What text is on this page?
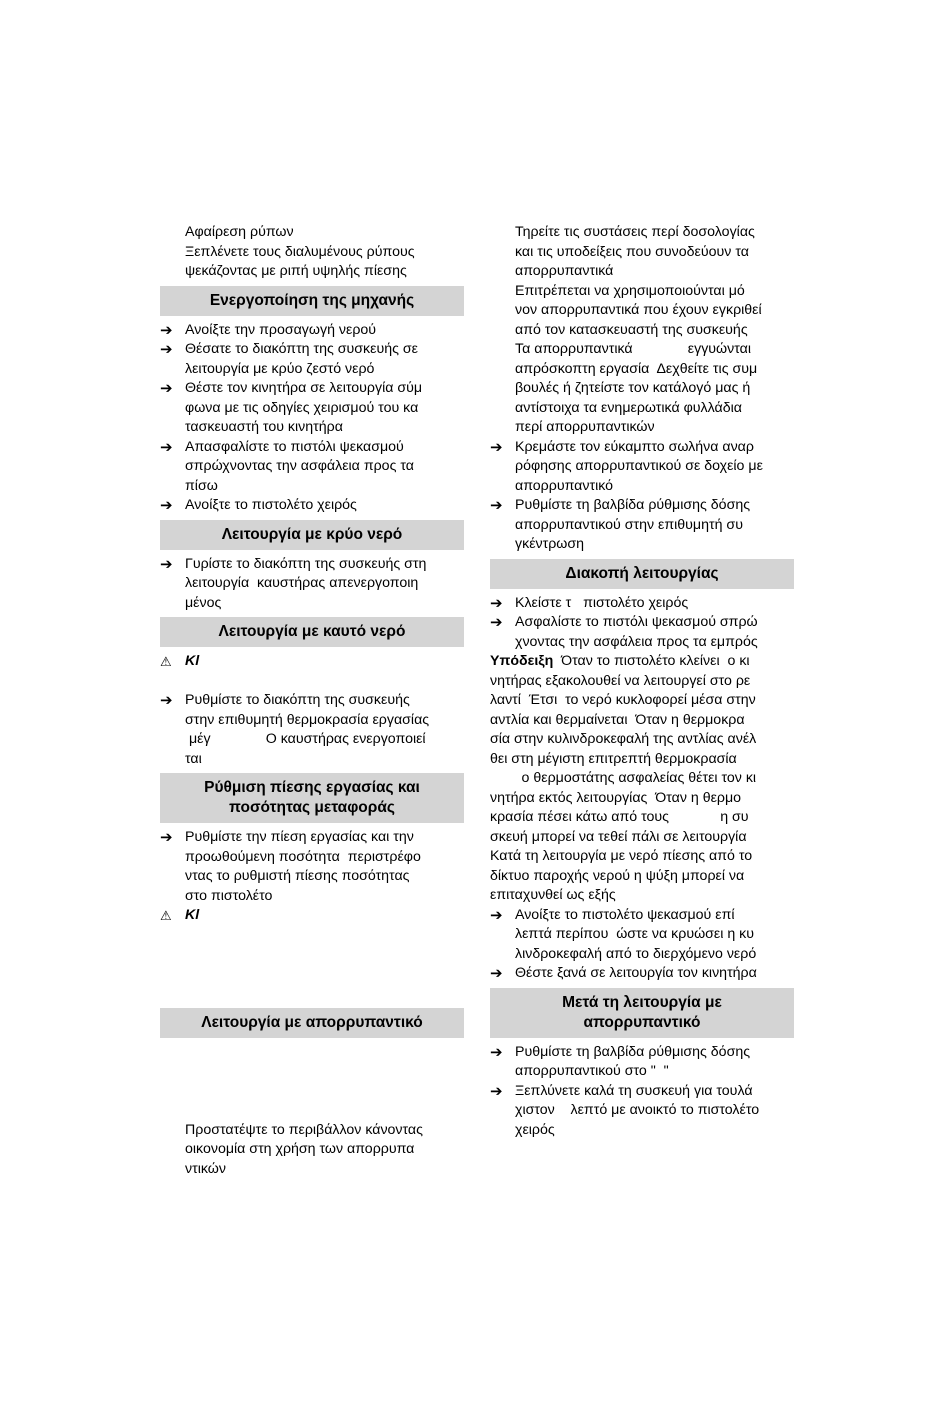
Αφαίρεση ρύπων
Ξεπλένετε τους διαλυμένους ρύπους
ψεκάζοντας με ριπή υψηλής πίεσης
Ενεργοποίηση της μηχανής
➔ Ανοίξτε την προσαγωγή νερού
➔ Θέσατε το διακόπτη της συσκευής σε
λειτουργία με κρύο ζεστό νερό
➔ Θέστε τον κινητήρα σε λειτουργία σύμ
φωνα με τις οδηγίες χειρισμού του κα
τασκευαστή του κινητήρα
➔ Απασφαλίστε το πιστόλι ψεκασμού
σπρώχνοντας την ασφάλεια προς τα
πίσω
➔ Ανοίξτε το πιστολέτο χειρός
Λειτουργία με κρύο νερό
➔ Γυρίστε το διακόπτη της συσκευής στη
λειτουργία  καυστήρας απενεργοποιη
μένος
Λειτουργία με καυτό νερό
⚠ Κl
➔ Ρυθμίστε το διακόπτη της συσκευής
στην επιθυμητή θερμοκρασία εργασίας
μέγ              Ο καυστήρας ενεργοποιεί
ται
Ρύθμιση πίεσης εργασίας και
ποσότητας μεταφοράς
➔ Ρυθμίστε την πίεση εργασίας και την
προωθούμενη ποσότητα  περιστρέφο
ντας το ρυθμιστή πίεσης ποσότητας
στο πιστολέτο
⚠ Κl
Λειτουργία με απορρυπαντικό
Προστατέψτε το περιβάλλον κάνοντας
οικονομία στη χρήση των απορρυπα
ντικών
Τηρείτε τις συστάσεις περί δοσολογίας
και τις υποδείξεις που συνοδεύουν τα
απορρυπαντικά
Επιτρέπεται να χρησιμοποιούνται μό
νον απορρυπαντικά που έχουν εγκριθεί
από τον κατασκευαστή της συσκευής
Τα απορρυπαντικά              εγγυώνται
απρόσκοπτη εργασία  Δεχθείτε τις συμ
βουλές ή ζητείστε τον κατάλογό μας ή
αντίστοιχα τα ενημερωτικά φυλλάδια
περί απορρυπαντικών
➔ Κρεμάστε τον εύκαμπτο σωλήνα αναρ
ρόφησης απορρυπαντικού σε δοχείο με
απορρυπαντικό
➔ Ρυθμίστε τη βαλβίδα ρύθμισης δόσης
απορρυπαντικού στην επιθυμητή συ
γκέντρωση
Διακοπή λειτουργίας
➔ Κλείστε τ   πιστολέτο χειρός
➔ Ασφαλίστε το πιστόλι ψεκασμού σπρώ
χνοντας την ασφάλεια προς τα εμπρός
Υπόδειξη  Όταν το πιστολέτο κλείνει  ο κι
νητήρας εξακολουθεί να λειτουργεί στο ρε
λαντί  Έτσι  το νερό κυκλοφορεί μέσα στην
αντλία και θερμαίνεται  Όταν η θερμοκρα
σία στην κυλινδροκεφαλή της αντλίας ανέλ
θει στη μέγιστη επιτρεπτή θερμοκρασία
ο θερμοστάτης ασφαλείας θέτει τον κι
νητήρα εκτός λειτουργίας  Όταν η θερμο
κρασία πέσει κάτω από τους             η συ
σκευή μπορεί να τεθεί πάλι σε λειτουργία
Κατά τη λειτουργία με νερό πίεσης από το
δίκτυο παροχής νερού η ψύξη μπορεί να
επιταχυνθεί ως εξής
➔ Ανοίξτε το πιστολέτο ψεκασμού επί
λεπτά περίπου  ώστε να κρυώσει η κυ
λινδροκεφαλή από το διερχόμενο νερό
➔ Θέστε ξανά σε λειτουργία τον κινητήρα
Μετά τη λειτουργία με
απορρυπαντικό
➔ Ρυθμίστε τη βαλβίδα ρύθμισης δόσης
απορρυπαντικού στο "  "
➔ Ξεπλύνετε καλά τη συσκευή για τουλά
χιστον    λεπτό με ανοικτό το πιστολέτο
χειρός
